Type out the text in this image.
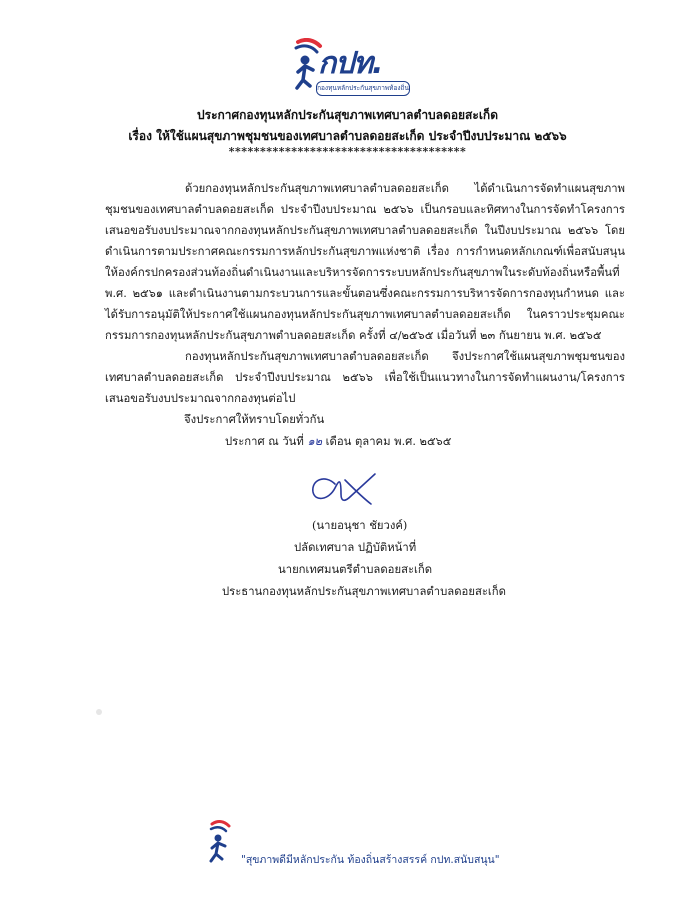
กปท.
กองทุนหลักประกันสุขภาพท้องถิ่น
ประกาศกองทุนหลักประกันสุขภาพเทศบาลตำบลดอยสะเก็ด
เรื่อง ให้ใช้แผนสุขภาพชุมชนของเทศบาลตำบลดอยสะเก็ด ประจำปีงบประมาณ ๒๕๖๖
**************************************

ด้วยกองทุนหลักประกันสุขภาพเทศบาลตำบลดอยสะเก็ด ได้ดำเนินการจัดทำแผนสุขภาพชุมชนของเทศบาลตำบลดอยสะเก็ด ประจำปีงบประมาณ ๒๕๖๖ เป็นกรอบและทิศทางในการจัดทำโครงการเสนอขอรับงบประมาณจากกองทุนหลักประกันสุขภาพเทศบาลตำบลดอยสะเก็ด ในปีงบประมาณ ๒๕๖๖ โดยดำเนินการตามประกาศคณะกรรมการหลักประกันสุขภาพแห่งชาติ เรื่อง การกำหนดหลักเกณฑ์เพื่อสนับสนุนให้องค์กรปกครองส่วนท้องถิ่นดำเนินงานและบริหารจัดการระบบหลักประกันสุขภาพในระดับท้องถิ่นหรือพื้นที่ พ.ศ. ๒๕๖๑ และดำเนินงานตามกระบวนการและขั้นตอนซึ่งคณะกรรมการบริหารจัดการกองทุนกำหนด และได้รับการอนุมัติให้ประกาศใช้แผนกองทุนหลักประกันสุขภาพเทศบาลตำบลดอยสะเก็ด ในคราวประชุมคณะกรรมการกองทุนหลักประกันสุขภาพตำบลดอยสะเก็ด ครั้งที่ ๔/๒๕๖๕ เมื่อวันที่ ๒๓ กันยายน พ.ศ. ๒๕๖๕

กองทุนหลักประกันสุขภาพเทศบาลตำบลดอยสะเก็ด จึงประกาศใช้แผนสุขภาพชุมชนของเทศบาลตำบลดอยสะเก็ด ประจำปีงบประมาณ ๒๕๖๖ เพื่อใช้เป็นแนวทางในการจัดทำแผนงาน/โครงการเสนอขอรับงบประมาณจากกองทุนต่อไป

จึงประกาศให้ทราบโดยทั่วกัน
ประกาศ ณ วันที่ ๑๒ เดือน ตุลาคม พ.ศ. ๒๕๖๕
(นายอนุชา ชัยวงค์)
ปลัดเทศบาล ปฏิบัติหน้าที่
นายกเทศมนตรีตำบลดอยสะเก็ด
ประธานกองทุนหลักประกันสุขภาพเทศบาลตำบลดอยสะเก็ด
"สุขภาพดีมีหลักประกัน ท้องถิ่นสร้างสรรค์ กปท.สนับสนุน"
